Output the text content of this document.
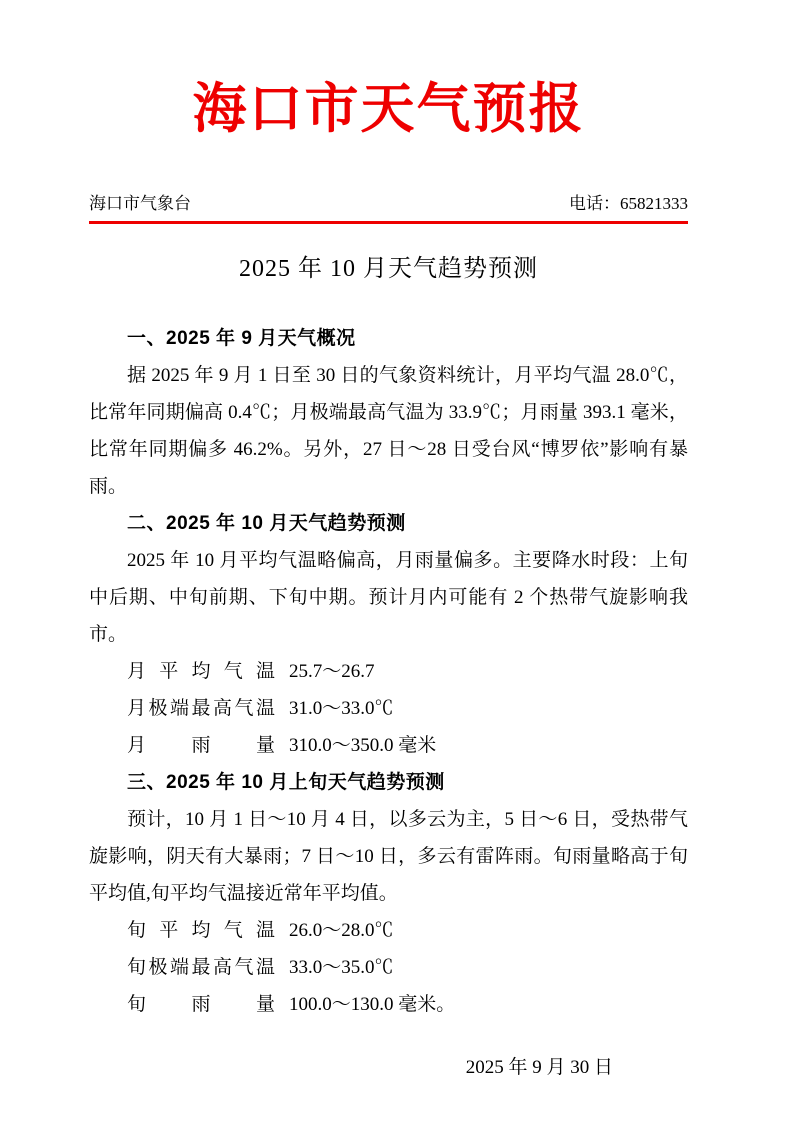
海口市天气预报
海口市气象台	电话：65821333
2025 年 10 月天气趋势预测
一、2025 年 9 月天气概况

据 2025 年 9 月 1 日至 30 日的气象资料统计，月平均气温 28.0℃，比常年同期偏高 0.4℃；月极端最高气温为 33.9℃；月雨量 393.1 毫米，比常年同期偏多 46.2%。另外，27 日～28 日受台风“博罗依”影响有暴雨。

二、2025 年 10 月天气趋势预测

2025 年 10 月平均气温略偏高，月雨量偏多。主要降水时段：上旬中后期、中旬前期、下旬中期。预计月内可能有 2 个热带气旋影响我市。

月平均气温 25.7～26.7
月极端最高气温 31.0～33.0℃
月雨量 310.0～350.0 毫米
三、2025 年 10 月上旬天气趋势预测

预计，10 月 1 日～10 月 4 日，以多云为主，5 日～6 日，受热带气旋影响，阴天有大暴雨；7 日～10 日，多云有雷阵雨。旬雨量略高于旬平均值,旬平均气温接近常年平均值。

旬平均气温 26.0～28.0℃
旬极端最高气温 33.0～35.0℃
旬雨量 100.0～130.0 毫米。
2025 年 9 月 30 日
